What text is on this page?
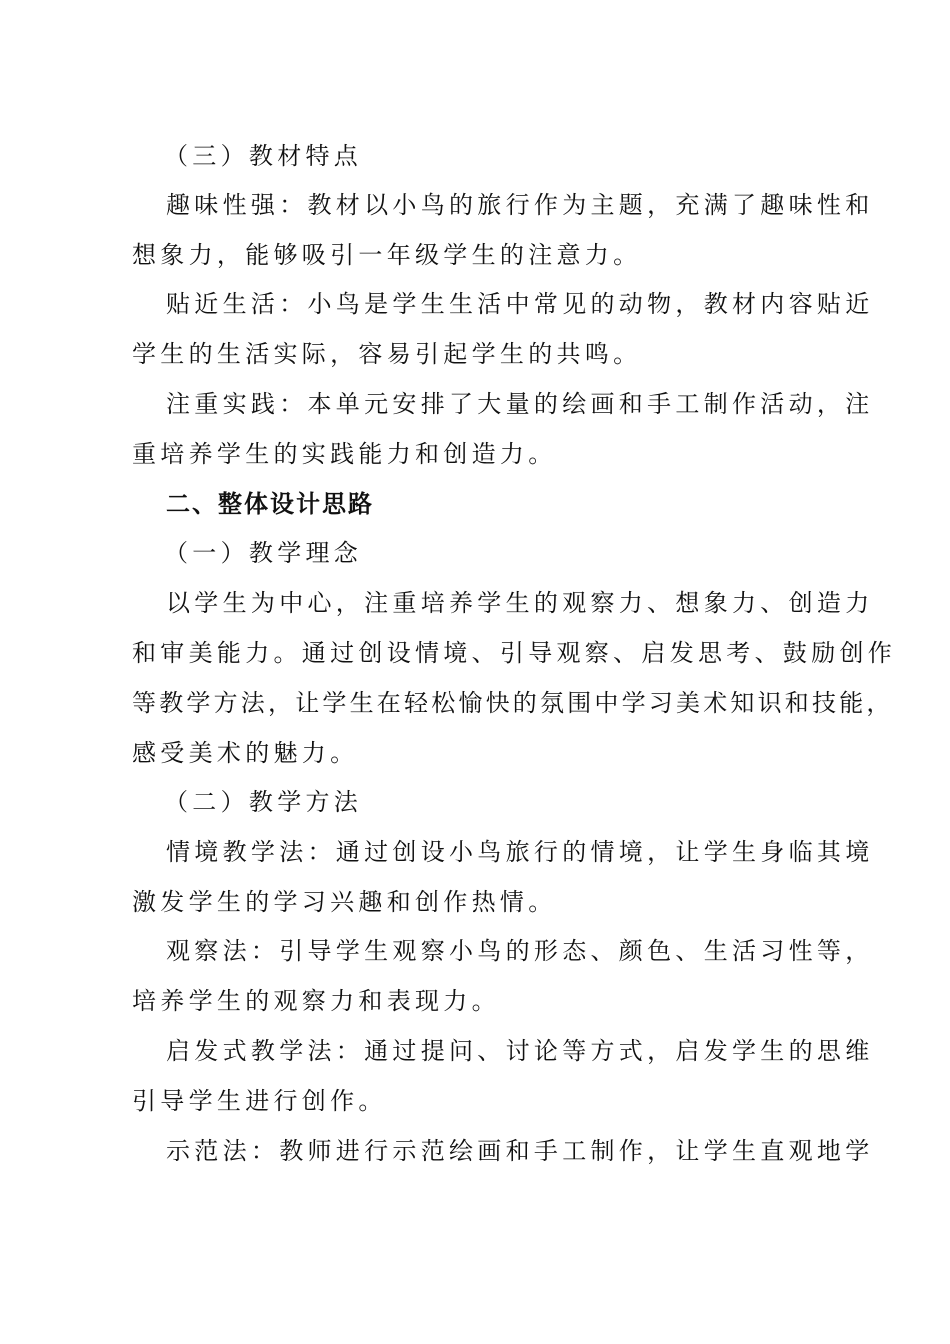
（三）教材特点
趣味性强：教材以小鸟的旅行作为主题，充满了趣味性和
想象力，能够吸引一年级学生的注意力。
贴近生活：小鸟是学生生活中常见的动物，教材内容贴近
学生的生活实际，容易引起学生的共鸣。
注重实践：本单元安排了大量的绘画和手工制作活动，注
重培养学生的实践能力和创造力。
二、整体设计思路
（一）教学理念
以学生为中心，注重培养学生的观察力、想象力、创造力
和审美能力。通过创设情境、引导观察、启发思考、鼓励创作
等教学方法，让学生在轻松愉快的氛围中学习美术知识和技能，
感受美术的魅力。
（二）教学方法
情境教学法：通过创设小鸟旅行的情境，让学生身临其境
激发学生的学习兴趣和创作热情。
观察法：引导学生观察小鸟的形态、颜色、生活习性等，
培养学生的观察力和表现力。
启发式教学法：通过提问、讨论等方式，启发学生的思维
引导学生进行创作。
示范法：教师进行示范绘画和手工制作，让学生直观地学
